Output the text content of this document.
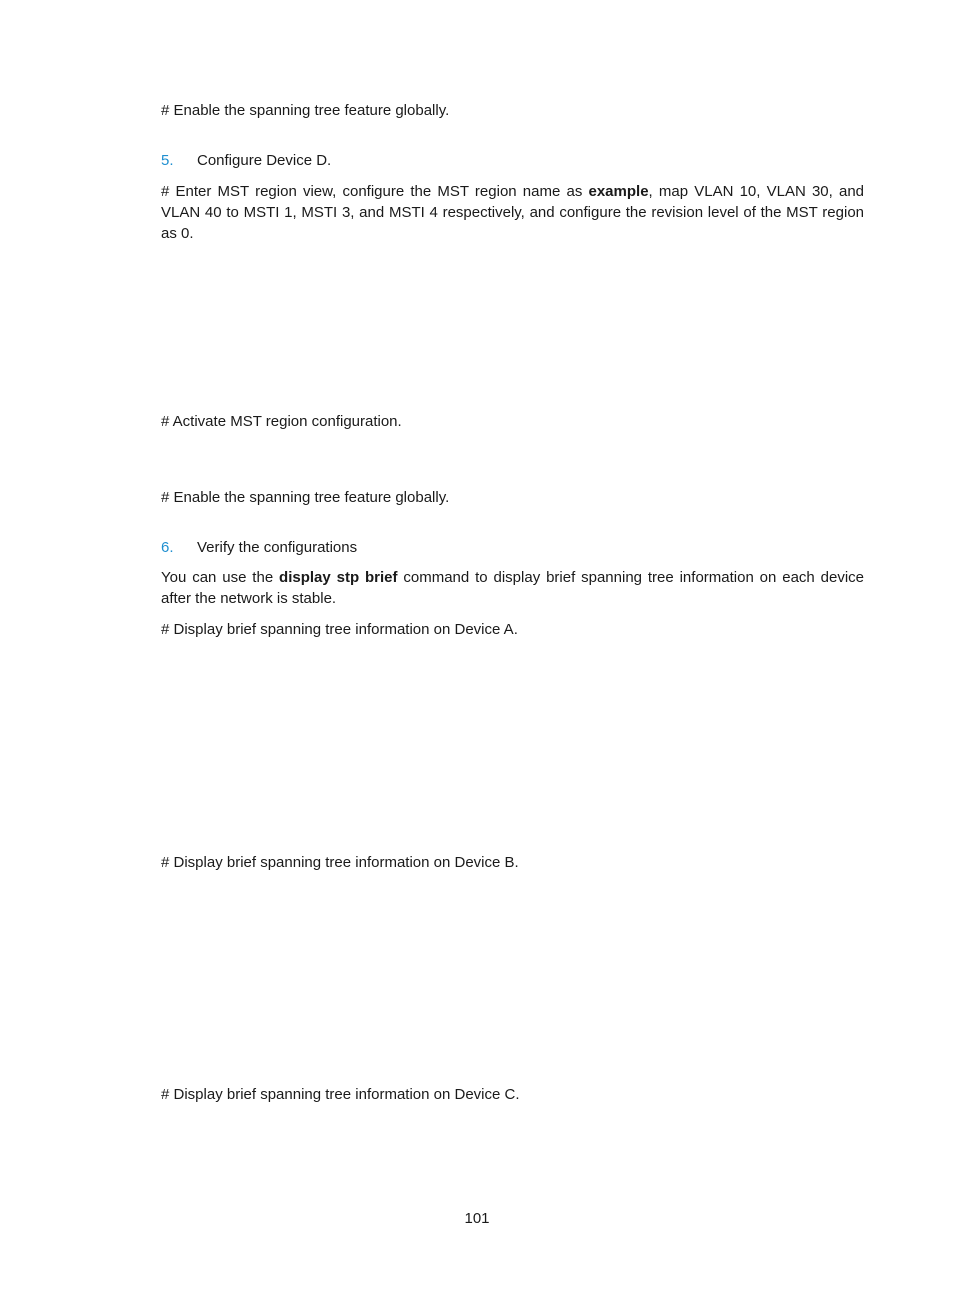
# Enable the spanning tree feature globally.

5. Configure Device D.

# Enter MST region view, configure the MST region name as example, map VLAN 10, VLAN 30, and VLAN 40 to MSTI 1, MSTI 3, and MSTI 4 respectively, and configure the revision level of the MST region as 0.

# Activate MST region configuration.

# Enable the spanning tree feature globally.

6. Verify the configurations

You can use the display stp brief command to display brief spanning tree information on each device after the network is stable.

# Display brief spanning tree information on Device A.

# Display brief spanning tree information on Device B.

# Display brief spanning tree information on Device C.

101
